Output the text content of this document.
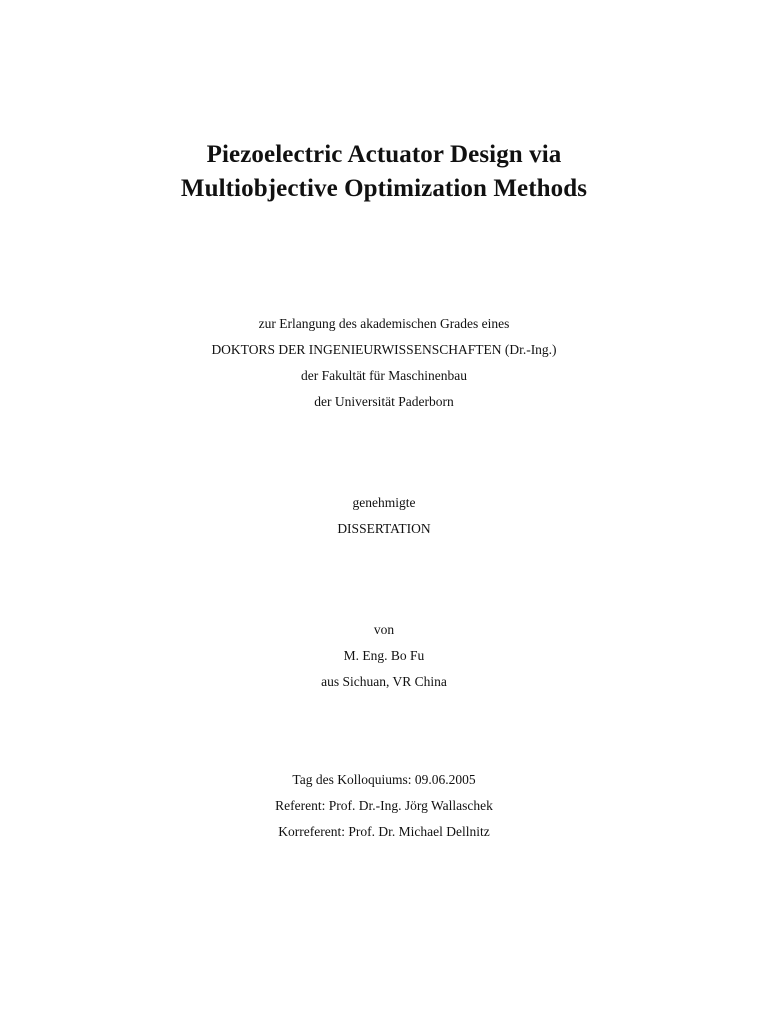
Piezoelectric Actuator Design via
Multiobjective Optimization Methods
zur Erlangung des akademischen Grades eines
DOKTORS DER INGENIEURWISSENSCHAFTEN (Dr.-Ing.)
der Fakultät für Maschinenbau
der Universität Paderborn
genehmigte
DISSERTATION
von
M. Eng. Bo Fu
aus Sichuan, VR China
Tag des Kolloquiums: 09.06.2005
Referent: Prof. Dr.-Ing. Jörg Wallaschek
Korreferent: Prof. Dr. Michael Dellnitz
